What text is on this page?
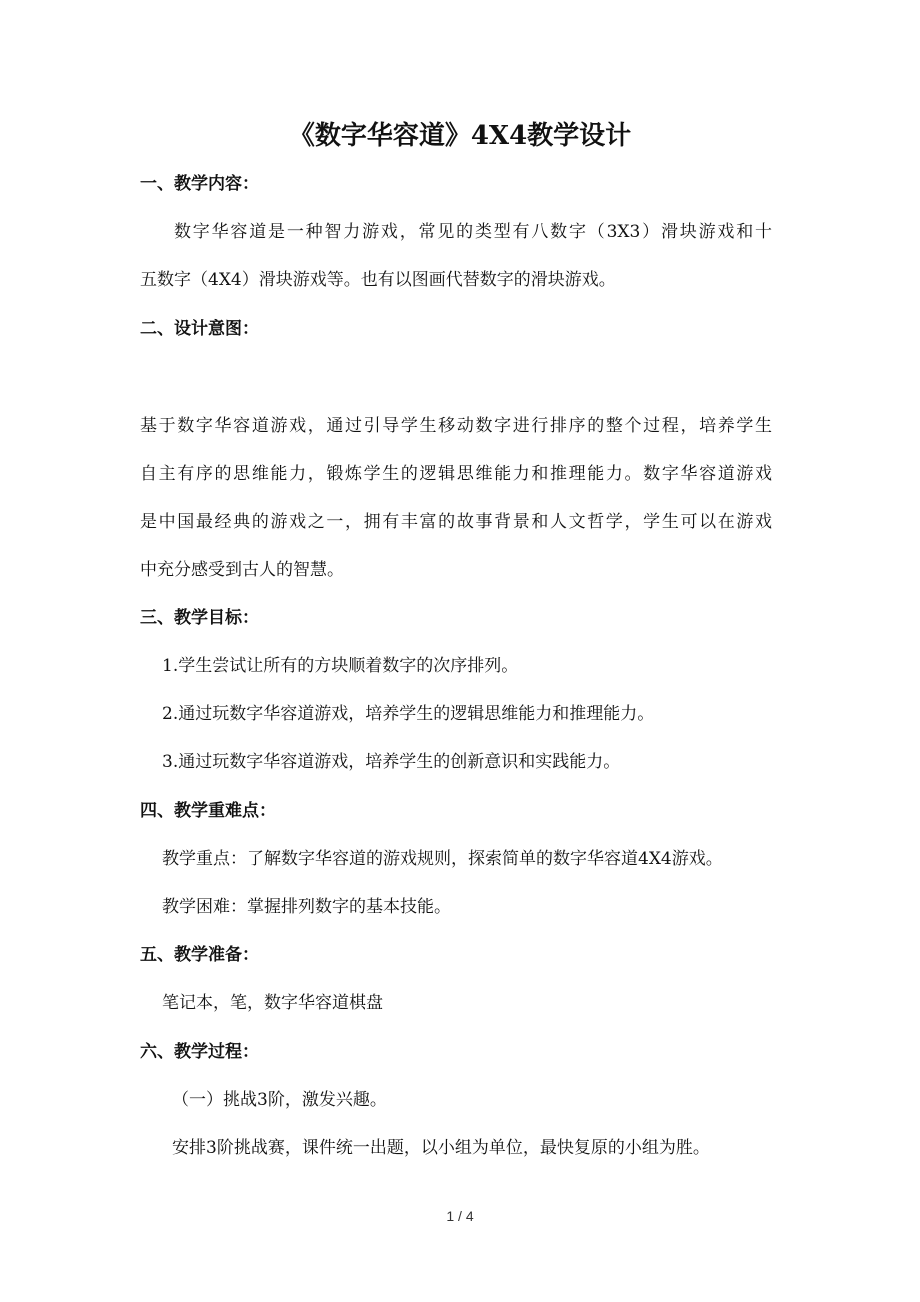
《数字华容道》4X4教学设计
一、教学内容：
数字华容道是一种智力游戏，常见的类型有八数字（3X3）滑块游戏和十
五数字（4X4）滑块游戏等。也有以图画代替数字的滑块游戏。
二、设计意图：
基于数字华容道游戏，通过引导学生移动数字进行排序的整个过程，培养学生
自主有序的思维能力，锻炼学生的逻辑思维能力和推理能力。数字华容道游戏
是中国最经典的游戏之一，拥有丰富的故事背景和人文哲学，学生可以在游戏
中充分感受到古人的智慧。
三、教学目标：
1.学生尝试让所有的方块顺着数字的次序排列。
2.通过玩数字华容道游戏，培养学生的逻辑思维能力和推理能力。
3.通过玩数字华容道游戏，培养学生的创新意识和实践能力。
四、教学重难点：
教学重点：了解数字华容道的游戏规则，探索简单的数字华容道4X4游戏。
教学困难：掌握排列数字的基本技能。
五、教学准备：
笔记本，笔，数字华容道棋盘
六、教学过程：
（一）挑战3阶，激发兴趣。
安排3阶挑战赛，课件统一出题，以小组为单位，最快复原的小组为胜。
1 / 4
